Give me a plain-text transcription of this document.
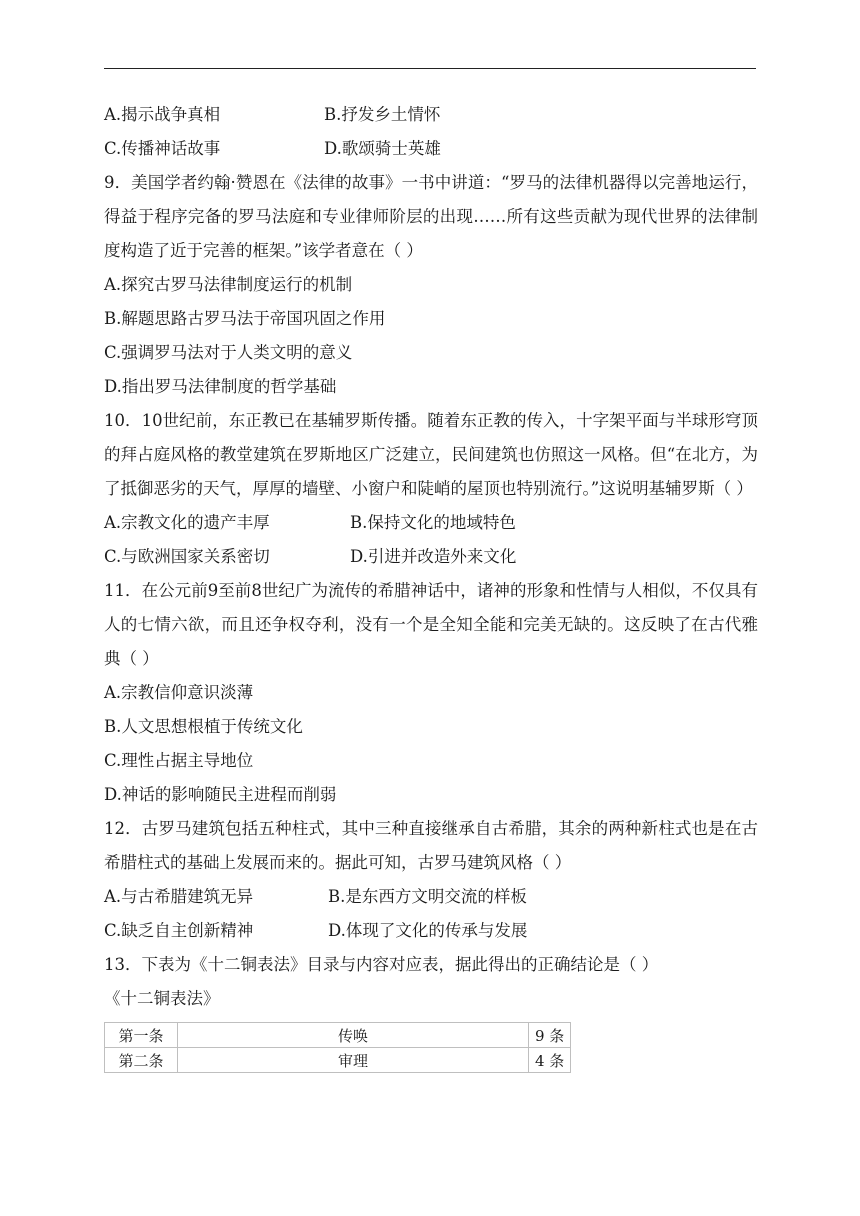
A.揭示战争真相	B.抒发乡土情怀
C.传播神话故事	D.歌颂骑士英雄
9．美国学者约翰·赞恩在《法律的故事》一书中讲道：“罗马的法律机器得以完善地运行，得益于程序完备的罗马法庭和专业律师阶层的出现……所有这些贡献为现代世界的法律制度构造了近于完善的框架。”该学者意在（ ）
A.探究古罗马法律制度运行的机制
B.解题思路古罗马法于帝国巩固之作用
C.强调罗马法对于人类文明的意义
D.指出罗马法律制度的哲学基础
10．10世纪前，东正教已在基辅罗斯传播。随着东正教的传入，十字架平面与半球形穹顶的拜占庭风格的教堂建筑在罗斯地区广泛建立，民间建筑也仿照这一风格。但“在北方，为了抵御恶劣的天气，厚厚的墙壁、小窗户和陡峭的屋顶也特别流行。”这说明基辅罗斯（ ）
A.宗教文化的遗产丰厚	B.保持文化的地域特色
C.与欧洲国家关系密切	D.引进并改造外来文化
11．在公元前9至前8世纪广为流传的希腊神话中，诸神的形象和性情与人相似，不仅具有人的七情六欲，而且还争权夺利，没有一个是全知全能和完美无缺的。这反映了在古代雅典（ ）
A.宗教信仰意识淡薄
B.人文思想根植于传统文化
C.理性占据主导地位
D.神话的影响随民主进程而削弱
12．古罗马建筑包括五种柱式，其中三种直接继承自古希腊，其余的两种新柱式也是在古希腊柱式的基础上发展而来的。据此可知，古罗马建筑风格（ ）
A.与古希腊建筑无异	B.是东西方文明交流的样板
C.缺乏自主创新精神	D.体现了文化的传承与发展
13．下表为《十二铜表法》目录与内容对应表，据此得出的正确结论是（ ）
《十二铜表法》
第一条	传唤	9 条
第二条	审理	4 条
